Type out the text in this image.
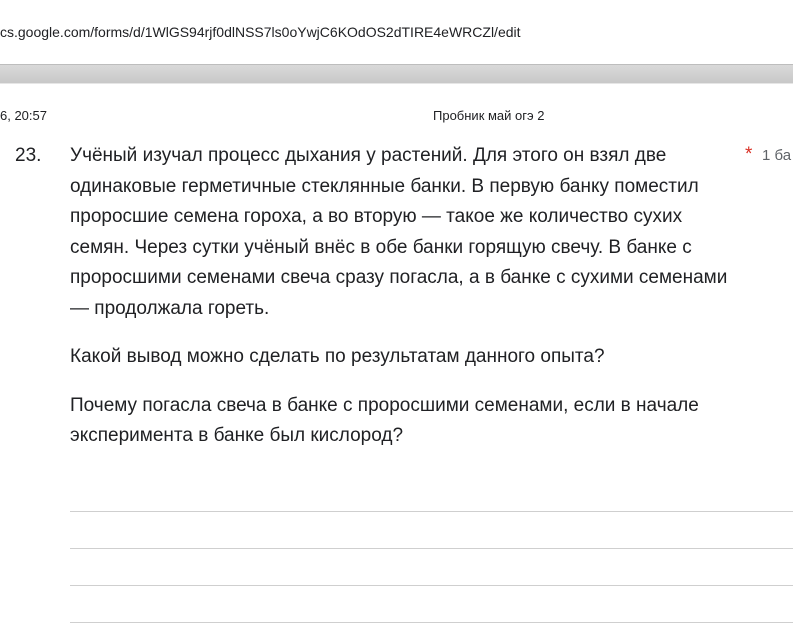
cs.google.com/forms/d/1WlGS94rjf0dlNSS7ls0oYwjC6KOdOS2dTIRE4eWRCZl/edit
6, 20:57	Пробник май огэ 2
23. Учёный изучал процесс дыхания у растений. Для этого он взял две одинаковые герметичные стеклянные банки. В первую банку поместил проросшие семена гороха, а во вторую — такое же количество сухих семян. Через сутки учёный внёс в обе банки горящую свечу. В банке с проросшими семенами свеча сразу погасла, а в банке с сухими семенами — продолжала гореть.

Какой вывод можно сделать по результатам данного опыта?

Почему погасла свеча в банке с проросшими семенами, если в начале эксперимента в банке был кислород?

* 1 ба
